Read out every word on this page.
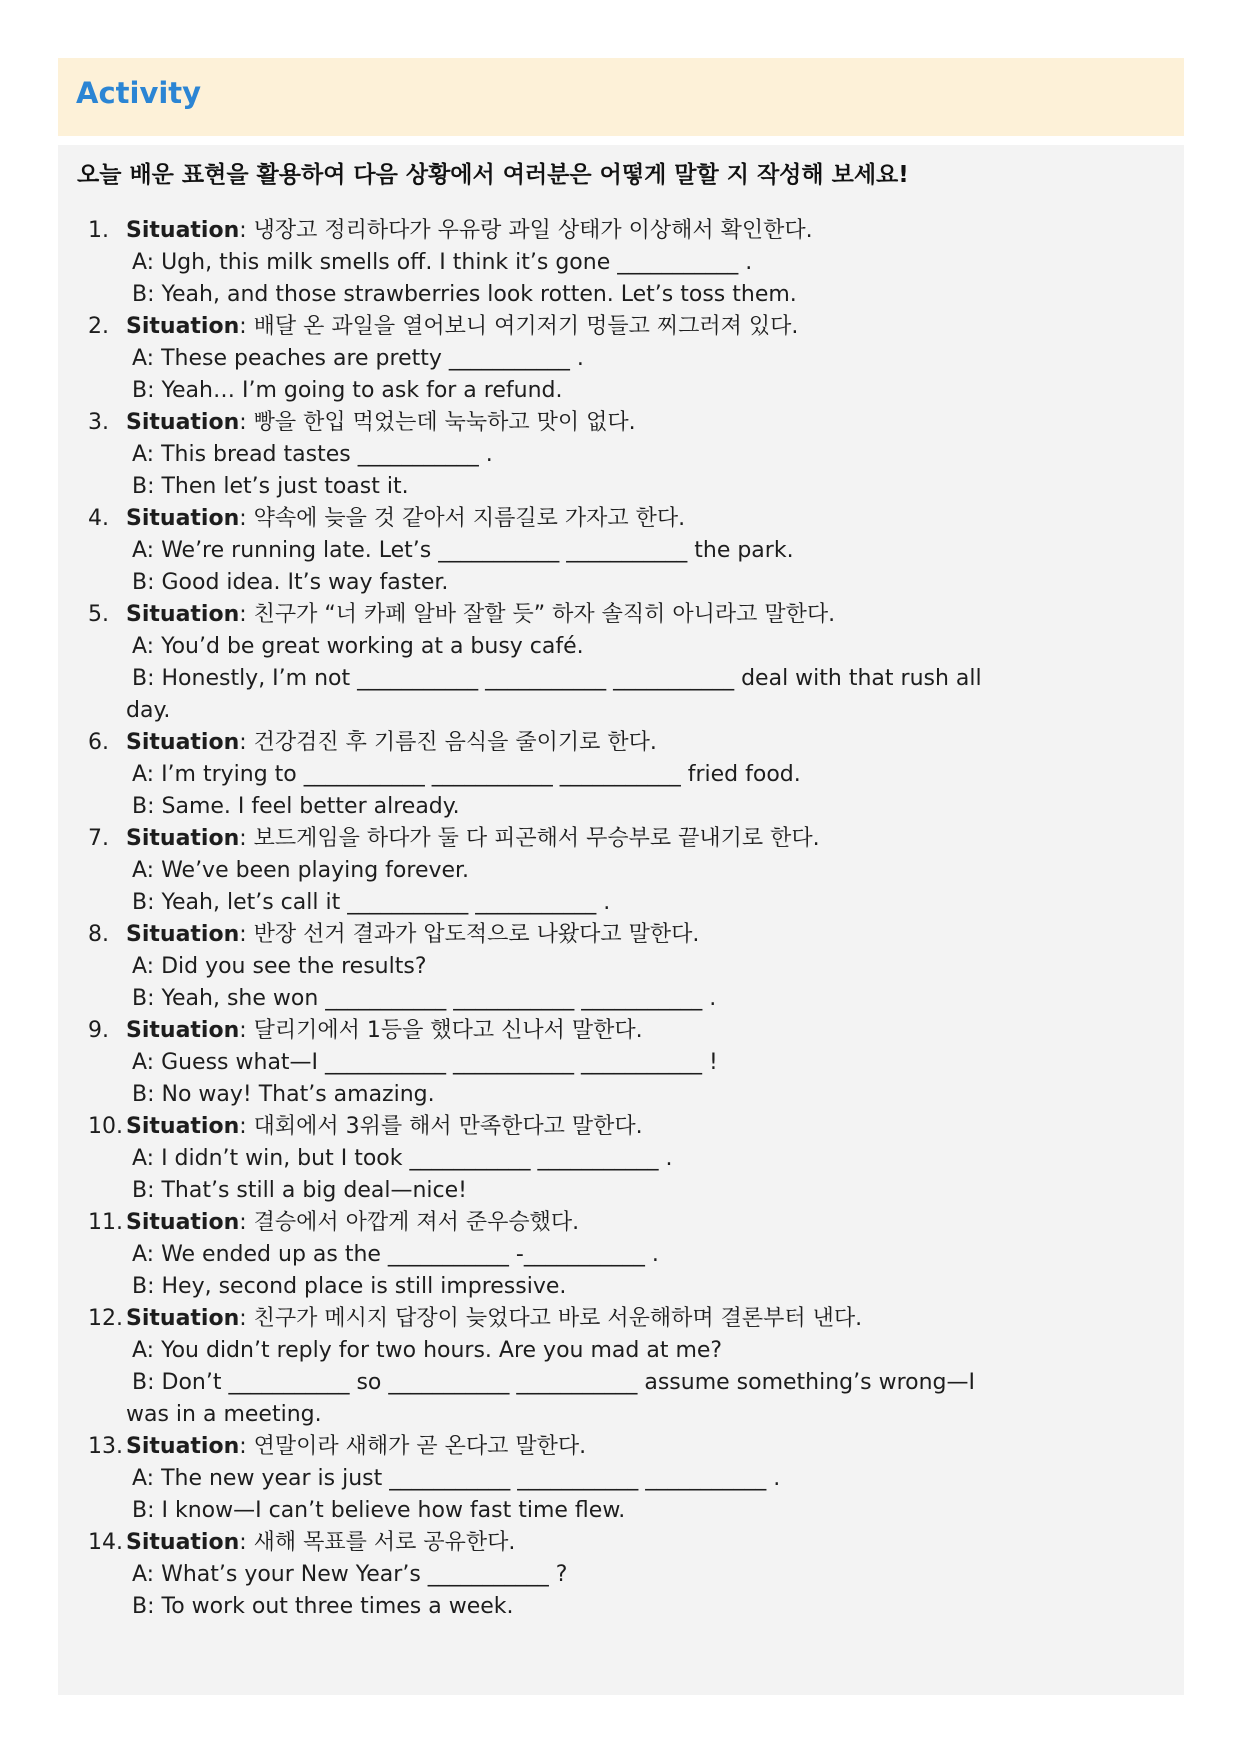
Activity
오늘 배운 표현을 활용하여 다음 상황에서 여러분은 어떻게 말할 지 작성해 보세요!
1. Situation: 냉장고 정리하다가 우유랑 과일 상태가 이상해서 확인한다.
A: Ugh, this milk smells off. I think it’s gone ___________ .
B: Yeah, and those strawberries look rotten. Let’s toss them.
2. Situation: 배달 온 과일을 열어보니 여기저기 멍들고 찌그러져 있다.
A: These peaches are pretty ___________ .
B: Yeah… I’m going to ask for a refund.
3. Situation: 빵을 한입 먹었는데 눅눅하고 맛이 없다.
A: This bread tastes ___________ .
B: Then let’s just toast it.
4. Situation: 약속에 늦을 것 같아서 지름길로 가자고 한다.
A: We’re running late. Let’s ___________ ___________ the park.
B: Good idea. It’s way faster.
5. Situation: 친구가 “너 카페 알바 잘할 듯” 하자 솔직히 아니라고 말한다.
A: You’d be great working at a busy café.
B: Honestly, I’m not ___________ ___________ ___________ deal with that rush all
day.
6. Situation: 건강검진 후 기름진 음식을 줄이기로 한다.
A: I’m trying to ___________ ___________ ___________ fried food.
B: Same. I feel better already.
7. Situation: 보드게임을 하다가 둘 다 피곤해서 무승부로 끝내기로 한다.
A: We’ve been playing forever.
B: Yeah, let’s call it ___________ ___________ .
8. Situation: 반장 선거 결과가 압도적으로 나왔다고 말한다.
A: Did you see the results?
B: Yeah, she won ___________ ___________ ___________ .
9. Situation: 달리기에서 1등을 했다고 신나서 말한다.
A: Guess what—I ___________ ___________ ___________ !
B: No way! That’s amazing.
10. Situation: 대회에서 3위를 해서 만족한다고 말한다.
A: I didn’t win, but I took ___________ ___________ .
B: That’s still a big deal—nice!
11. Situation: 결승에서 아깝게 져서 준우승했다.
A: We ended up as the ___________ -___________ .
B: Hey, second place is still impressive.
12. Situation: 친구가 메시지 답장이 늦었다고 바로 서운해하며 결론부터 낸다.
A: You didn’t reply for two hours. Are you mad at me?
B: Don’t ___________ so ___________ ___________ assume something’s wrong—I
was in a meeting.
13. Situation: 연말이라 새해가 곧 온다고 말한다.
A: The new year is just ___________ ___________ ___________ .
B: I know—I can’t believe how fast time flew.
14. Situation: 새해 목표를 서로 공유한다.
A: What’s your New Year’s ___________ ?
B: To work out three times a week.
